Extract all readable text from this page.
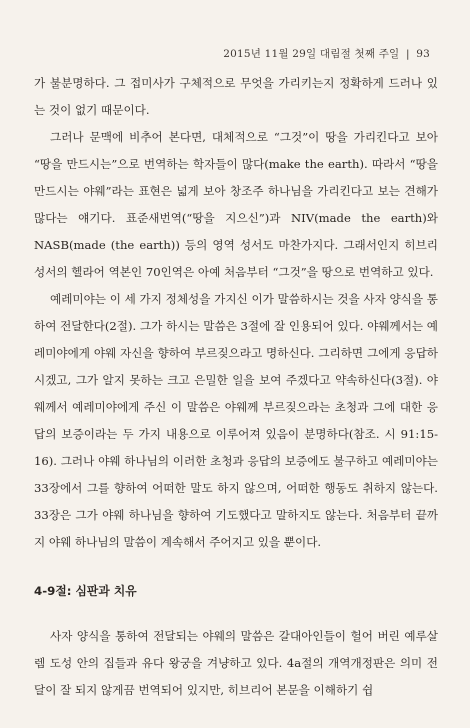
2015년 11월 29일 대림절 첫째 주일 | 93

가 불분명하다. 그 접미사가 구체적으로 무엇을 가리키는지 정확하게 드러나 있는 것이 없기 때문이다.

그러나 문맥에 비추어 본다면, 대체적으로 “그것”이 땅을 가리킨다고 보아 “땅을 만드시는”으로 번역하는 학자들이 많다(make the earth). 따라서 “땅을 만드시는 야웨”라는 표현은 넓게 보아 창조주 하나님을 가리킨다고 보는 견해가 많다는 얘기다. 표준새번역(“땅을 지으신”)과 NIV(made the earth)와 NASB(made (the earth)) 등의 영역 성서도 마찬가지다. 그래서인지 히브리 성서의 헬라어 역본인 70인역은 아예 처음부터 “그것”을 땅으로 번역하고 있다.

예레미야는 이 세 가지 정체성을 가지신 이가 말씀하시는 것을 사자 양식을 통하여 전달한다(2절). 그가 하시는 말씀은 3절에 잘 인용되어 있다. 야웨께서는 예레미야에게 야웨 자신을 향하여 부르짖으라고 명하신다. 그리하면 그에게 응답하시겠고, 그가 알지 못하는 크고 은밀한 일을 보여 주겠다고 약속하신다(3절). 야웨께서 예레미야에게 주신 이 말씀은 야웨께 부르짖으라는 초청과 그에 대한 응답의 보증이라는 두 가지 내용으로 이루어져 있음이 분명하다(참조. 시 91:15-16). 그러나 야웨 하나님의 이러한 초청과 응답의 보증에도 불구하고 예레미야는 33장에서 그를 향하여 어떠한 말도 하지 않으며, 어떠한 행동도 취하지 않는다. 33장은 그가 야웨 하나님을 향하여 기도했다고 말하지도 않는다. 처음부터 끝까지 야웨 하나님의 말씀이 계속해서 주어지고 있을 뿐이다.

4-9절: 심판과 치유

사자 양식을 통하여 전달되는 야웨의 말씀은 갈대아인들이 헐어 버린 예루살렘 도성 안의 집들과 유다 왕궁을 겨냥하고 있다. 4a절의 개역개정판은 의미 전달이 잘 되지 않게끔 번역되어 있지만, 히브리어 본문을 이해하기 쉽
